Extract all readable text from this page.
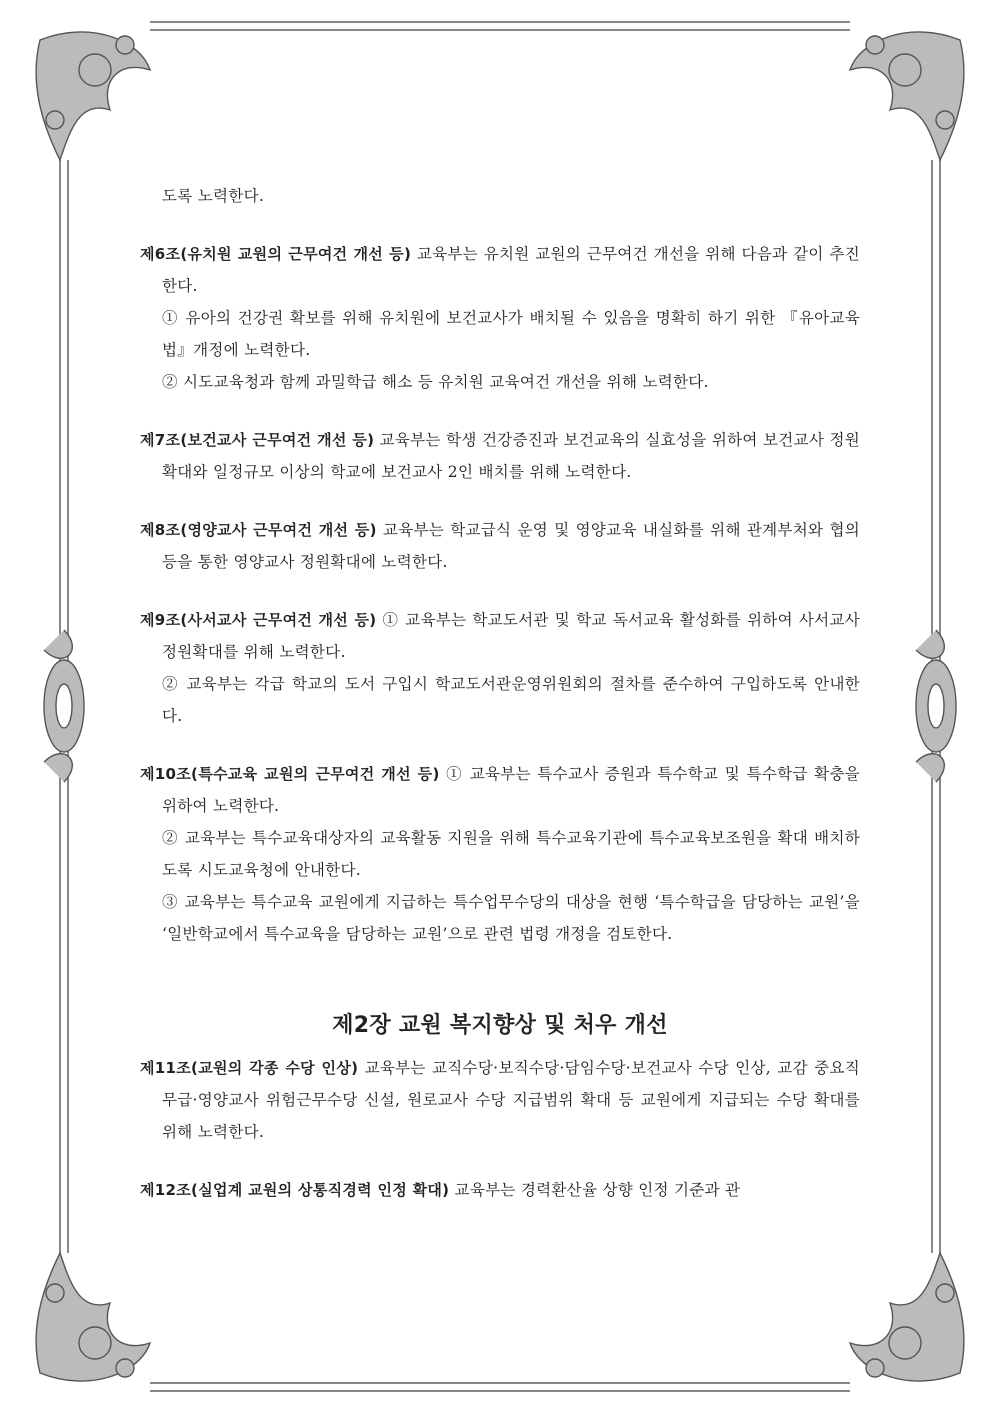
도록 노력한다.

제6조(유치원 교원의 근무여건 개선 등) 교육부는 유치원 교원의 근무여건 개선을 위해 다음과 같이 추진한다.

① 유아의 건강권 확보를 위해 유치원에 보건교사가 배치될 수 있음을 명확히 하기 위한 『유아교육법』개정에 노력한다.

② 시도교육청과 함께 과밀학급 해소 등 유치원 교육여건 개선을 위해 노력한다.

제7조(보건교사 근무여건 개선 등) 교육부는 학생 건강증진과 보건교육의 실효성을 위하여 보건교사 정원확대와 일정규모 이상의 학교에 보건교사 2인 배치를 위해 노력한다.

제8조(영양교사 근무여건 개선 등) 교육부는 학교급식 운영 및 영양교육 내실화를 위해 관계부처와 협의 등을 통한 영양교사 정원확대에 노력한다.

제9조(사서교사 근무여건 개선 등) ① 교육부는 학교도서관 및 학교 독서교육 활성화를 위하여 사서교사 정원확대를 위해 노력한다.

② 교육부는 각급 학교의 도서 구입시 학교도서관운영위원회의 절차를 준수하여 구입하도록 안내한다.

제10조(특수교육 교원의 근무여건 개선 등) ① 교육부는 특수교사 증원과 특수학교 및 특수학급 확충을 위하여 노력한다.

② 교육부는 특수교육대상자의 교육활동 지원을 위해 특수교육기관에 특수교육보조원을 확대 배치하도록 시도교육청에 안내한다.

③ 교육부는 특수교육 교원에게 지급하는 특수업무수당의 대상을 현행 ‘특수학급을 담당하는 교원’을 ‘일반학교에서 특수교육을 담당하는 교원’으로 관련 법령 개정을 검토한다.

제2장 교원 복지향상 및 처우 개선

제11조(교원의 각종 수당 인상) 교육부는 교직수당·보직수당·담임수당·보건교사 수당 인상, 교감 중요직무급·영양교사 위험근무수당 신설, 원로교사 수당 지급범위 확대 등 교원에게 지급되는 수당 확대를 위해 노력한다.

제12조(실업계 교원의 상통직경력 인정 확대) 교육부는 경력환산율 상향 인정 기준과 관
